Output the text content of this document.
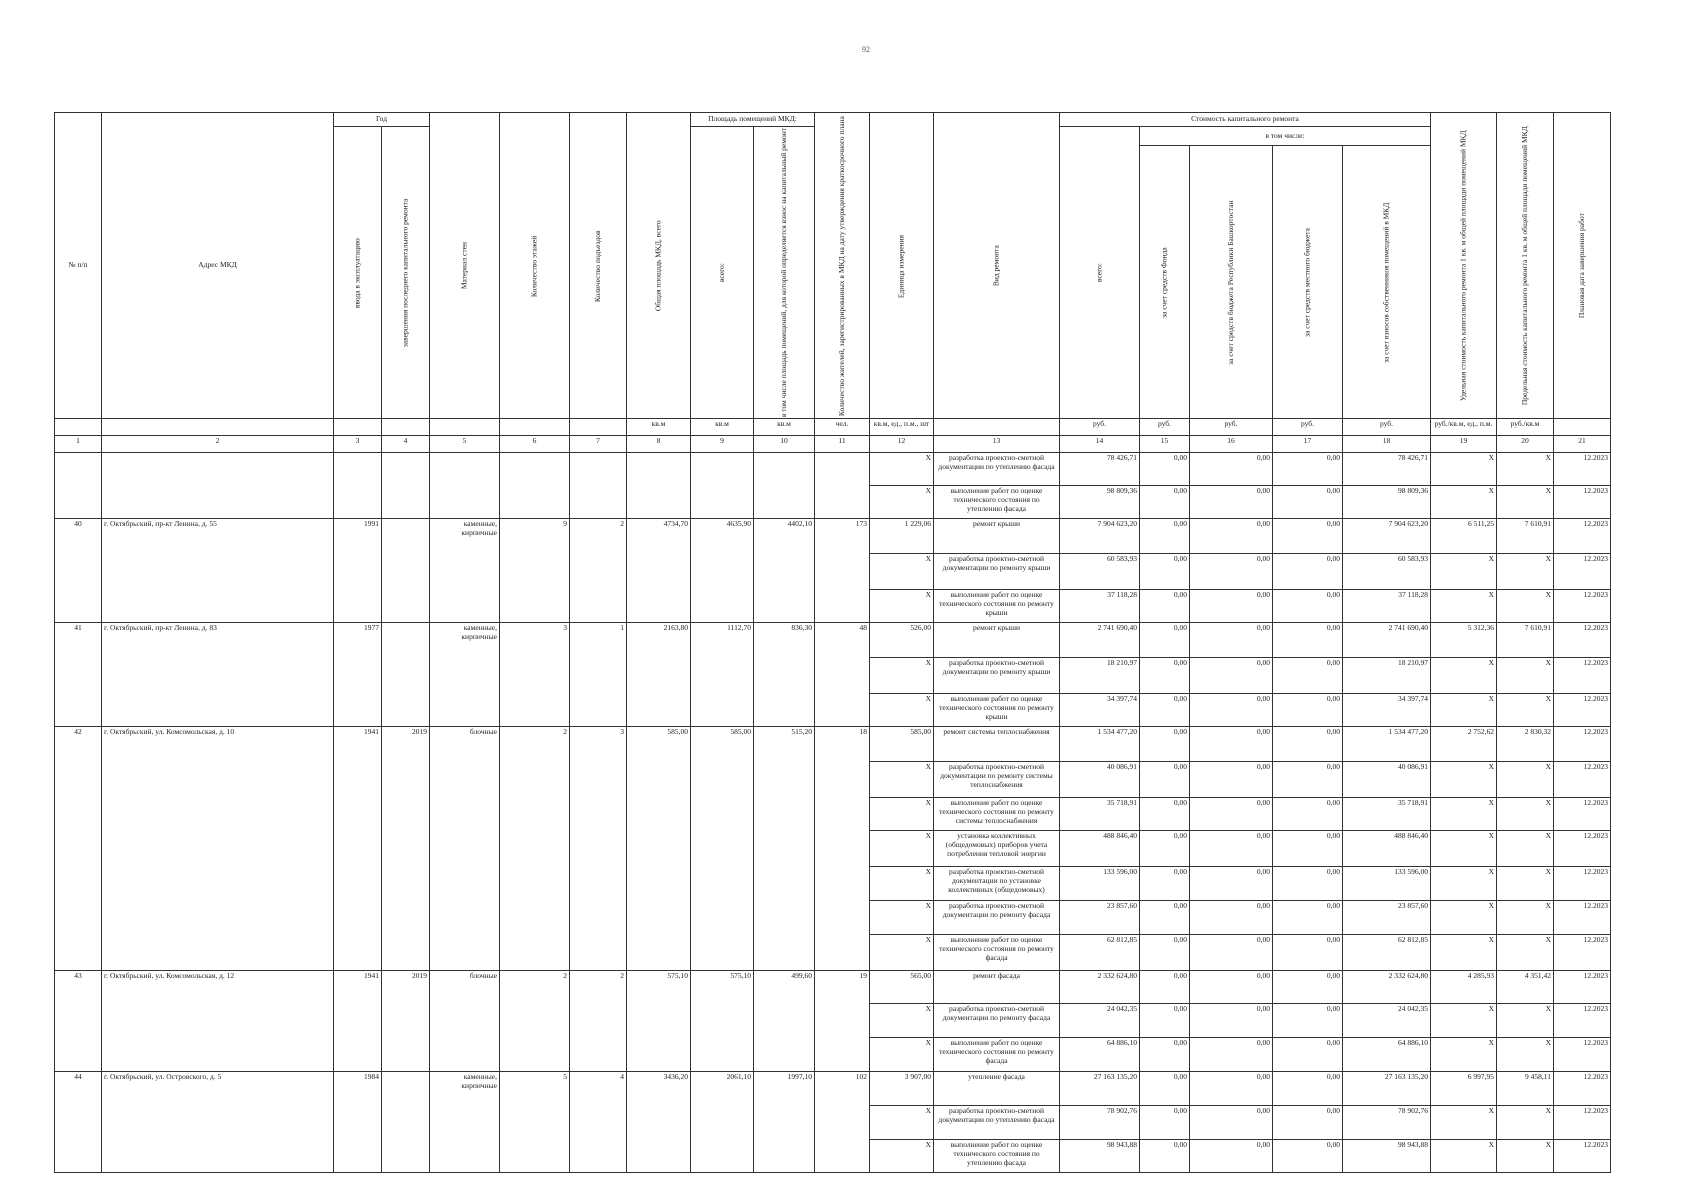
92
№ п/п	Адрес МКД	Год		Материал стен	Количество этажей	Количество подъездов	Общая площадь МКД, всего	Площадь помещений МКД:		Количество жителей, зарегистрированных в МКД на дату утверждения краткосрочного плана	Единица измерения	Вид ремонта	Стоимость капитального ремонта					Удельная стоимость капитального ремонта 1 кв. м общей площади помещений МКД	Предельная стоимость капитального ремонта 1 кв. м общей площади помещений МКД	Плановая дата завершения работ
		ввода в эксплуатацию	завершения последнего капитального ремонта					всего:	в том числе площадь помещений, для которой определяется взнос на капитальный ремонт				всего:	в том числе:						
														за счет средств Фонда	за счет средств бюджета Республики Башкортостан	за счет средств местного бюджета	за счет взносов собственников помещений в МКД			
							кв.м	кв.м	кв.м	чел.	кв.м, ед., п.м., шт		руб.	руб.	руб.	руб.	руб.	руб./кв.м, ед., п.м.	руб./кв.м	
1	2	3	4	5	6	7	8	9	10	11	12	13	14	15	16	17	18	19	20	21
											X	разработка проектно-сметной документации по утеплению фасада	78 426,71	0,00	0,00	0,00	78 426,71	X	X	12.2023
											X	выполнение работ по оценке технического состояния по утеплению фасада	98 809,36	0,00	0,00	0,00	98 809,36	X	X	12.2023
40	г. Октябрьский, пр-кт Ленина, д. 55	1991		каменные, кирпичные	9	2	4734,70	4635,90	4402,10	173	1 229,06	ремонт крыши	7 904 623,20	0,00	0,00	0,00	7 904 623,20	6 511,25	7 610,91	12.2023
											X	разработка проектно-сметной документации по ремонту крыши	60 583,93	0,00	0,00	0,00	60 583,93	X	X	12.2023
											X	выполнение работ по оценке технического состояния по ремонту крыши	37 118,28	0,00	0,00	0,00	37 118,28	X	X	12.2023
41	г. Октябрьский, пр-кт Ленина, д. 83	1977		каменные, кирпичные	3	1	2163,80	1112,70	836,30	48	526,00	ремонт крыши	2 741 690,40	0,00	0,00	0,00	2 741 690,40	5 312,36	7 610,91	12.2023
											X	разработка проектно-сметной документации по ремонту крыши	18 210,97	0,00	0,00	0,00	18 210,97	X	X	12.2023
											X	выполнение работ по оценке технического состояния по ремонту крыши	34 397,74	0,00	0,00	0,00	34 397,74	X	X	12.2023
42	г. Октябрьский, ул. Комсомольская, д. 10	1941	2019	блочные	2	3	585,00	585,00	515,20	18	585,00	ремонт системы теплоснабжения	1 534 477,20	0,00	0,00	0,00	1 534 477,20	2 752,62	2 830,32	12.2023
											X	разработка проектно-сметной документации по ремонту системы теплоснабжения	40 086,91	0,00	0,00	0,00	40 086,91	X	X	12.2023
											X	выполнение работ по оценке технического состояния по ремонту системы теплоснабжения	35 718,91	0,00	0,00	0,00	35 718,91	X	X	12.2023
											X	установка коллективных (общедомовых) приборов учета потребления тепловой энергии	488 846,40	0,00	0,00	0,00	488 846,40	X	X	12.2023
											X	разработка проектно-сметной документации по установке коллективных (общедомовых)	133 596,00	0,00	0,00	0,00	133 596,00	X	X	12.2023
											X	разработка проектно-сметной документации по ремонту фасада	23 857,60	0,00	0,00	0,00	23 857,60	X	X	12.2023
											X	выполнение работ по оценке технического состояния по ремонту фасада	62 812,85	0,00	0,00	0,00	62 812,85	X	X	12.2023
43	г. Октябрьский, ул. Комсомольская, д. 12	1941	2019	блочные	2	2	575,10	575,10	499,60	19	565,00	ремонт фасада	2 332 624,80	0,00	0,00	0,00	2 332 624,80	4 285,93	4 351,42	12.2023
											X	разработка проектно-сметной документации по ремонту фасада	24 042,35	0,00	0,00	0,00	24 042,35	X	X	12.2023
											X	выполнение работ по оценке технического состояния по ремонту фасада	64 886,10	0,00	0,00	0,00	64 886,10	X	X	12.2023
44	г. Октябрьский, ул. Островского, д. 5	1984		каменные, кирпичные	5	4	3436,20	2061,10	1997,10	102	3 907,00	утепление фасада	27 163 135,20	0,00	0,00	0,00	27 163 135,20	6 997,95	9 458,11	12.2023
											X	разработка проектно-сметной документации по утеплению фасада	78 902,76	0,00	0,00	0,00	78 902,76	X	X	12.2023
											X	выполнение работ по оценке технического состояния по утеплению фасада	98 943,88	0,00	0,00	0,00	98 943,88	X	X	12.2023
